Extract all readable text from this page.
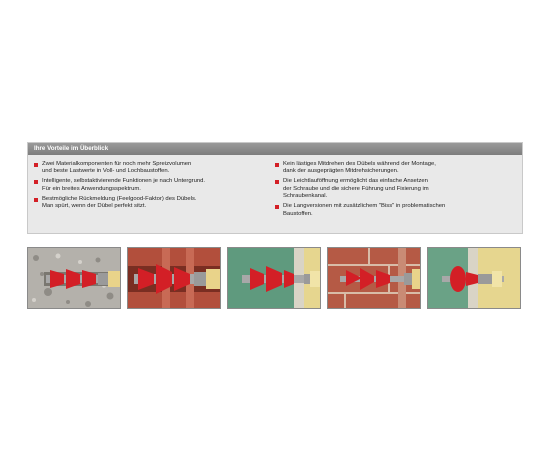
Ihre Vorteile im Überblick
Zwei Materialkomponenten für noch mehr Spreizvolumen
und beste Lastwerte in Voll- und Lochbaustoffen.
Intelligente, selbstaktivierende Funktionen je nach Untergrund.
Für ein breites Anwendungsspektrum.
Bestmögliche Rückmeldung (Feelgood-Faktor) des Dübels.
Man spürt, wenn der Dübel perfekt sitzt.
Kein lästiges Mitdrehen des Dübels während der Montage,
dank der ausgeprägten Mitdrehsicherungen.
Die Leichtlauföffnung ermöglicht das einfache Ansetzen
der Schraube und die sichere Führung und Fixierung im
Schraubenkanal.
Die Langversionen mit zusätzlichem "Biss" in problematischen
Baustoffen.
